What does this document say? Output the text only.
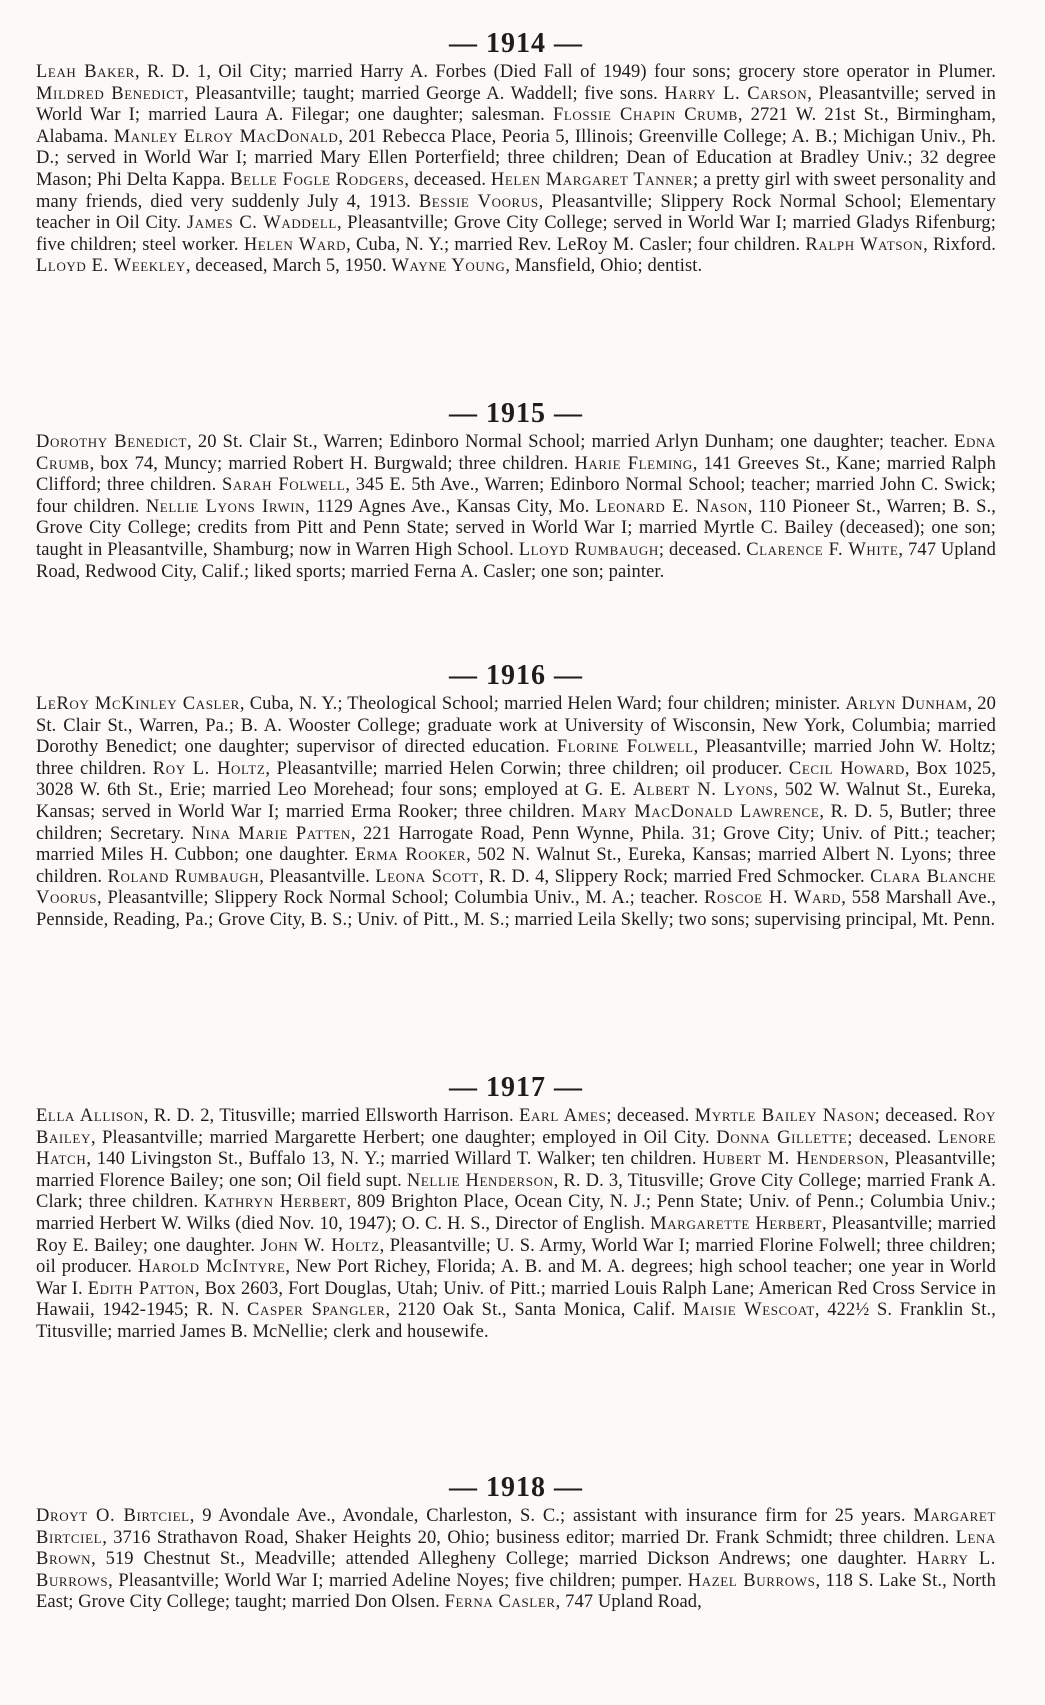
— 1914 —

Leah Baker, R. D. 1, Oil City; married Harry A. Forbes (Died Fall of 1949) four sons; grocery store operator in Plumer. Mildred Benedict, Pleasantville; taught; married George A. Waddell; five sons. Harry L. Carson, Pleasantville; served in World War I; married Laura A. Filegar; one daughter; salesman. Flossie Chapin Crumb, 2721 W. 21st St., Birmingham, Alabama. Manley Elroy MacDonald, 201 Rebecca Place, Peoria 5, Illinois; Greenville College; A. B.; Michigan Univ., Ph. D.; served in World War I; married Mary Ellen Porterfield; three children; Dean of Education at Bradley Univ.; 32 degree Mason; Phi Delta Kappa. Belle Fogle Rodgers, deceased. Helen Margaret Tanner; a pretty girl with sweet personality and many friends, died very suddenly July 4, 1913. Bessie Voorus, Pleasantville; Slippery Rock Normal School; Elementary teacher in Oil City. James C. Waddell, Pleasantville; Grove City College; served in World War I; married Gladys Rifenburg; five children; steel worker. Helen Ward, Cuba, N. Y.; married Rev. LeRoy M. Casler; four children. Ralph Watson, Rixford. Lloyd E. Weekley, deceased, March 5, 1950. Wayne Young, Mansfield, Ohio; dentist.

— 1915 —

Dorothy Benedict, 20 St. Clair St., Warren; Edinboro Normal School; married Arlyn Dunham; one daughter; teacher. Edna Crumb, box 74, Muncy; married Robert H. Burgwald; three children. Harie Fleming, 141 Greeves St., Kane; married Ralph Clifford; three children. Sarah Folwell, 345 E. 5th Ave., Warren; Edinboro Normal School; teacher; married John C. Swick; four children. Nellie Lyons Irwin, 1129 Agnes Ave., Kansas City, Mo. Leonard E. Nason, 110 Pioneer St., Warren; B. S., Grove City College; credits from Pitt and Penn State; served in World War I; married Myrtle C. Bailey (deceased); one son; taught in Pleasantville, Shamburg; now in Warren High School. Lloyd Rumbaugh; deceased. Clarence F. White, 747 Upland Road, Redwood City, Calif.; liked sports; married Ferna A. Casler; one son; painter.

— 1916 —

LeRoy McKinley Casler, Cuba, N. Y.; Theological School; married Helen Ward; four children; minister. Arlyn Dunham, 20 St. Clair St., Warren, Pa.; B. A. Wooster College; graduate work at University of Wisconsin, New York, Columbia; married Dorothy Benedict; one daughter; supervisor of directed education. Florine Folwell, Pleasantville; married John W. Holtz; three children. Roy L. Holtz, Pleasantville; married Helen Corwin; three children; oil producer. Cecil Howard, Box 1025, 3028 W. 6th St., Erie; married Leo Morehead; four sons; employed at G. E. Albert N. Lyons, 502 W. Walnut St., Eureka, Kansas; served in World War I; married Erma Rooker; three children. Mary MacDonald Lawrence, R. D. 5, Butler; three children; Secretary. Nina Marie Patten, 221 Harrogate Road, Penn Wynne, Phila. 31; Grove City; Univ. of Pitt.; teacher; married Miles H. Cubbon; one daughter. Erma Rooker, 502 N. Walnut St., Eureka, Kansas; married Albert N. Lyons; three children. Roland Rumbaugh, Pleasantville. Leona Scott, R. D. 4, Slippery Rock; married Fred Schmocker. Clara Blanche Voorus, Pleasantville; Slippery Rock Normal School; Columbia Univ., M. A.; teacher. Roscoe H. Ward, 558 Marshall Ave., Pennside, Reading, Pa.; Grove City, B. S.; Univ. of Pitt., M. S.; married Leila Skelly; two sons; supervising principal, Mt. Penn.

— 1917 —

Ella Allison, R. D. 2, Titusville; married Ellsworth Harrison. Earl Ames; deceased. Myrtle Bailey Nason; deceased. Roy Bailey, Pleasantville; married Margarette Herbert; one daughter; employed in Oil City. Donna Gillette; deceased. Lenore Hatch, 140 Livingston St., Buffalo 13, N. Y.; married Willard T. Walker; ten children. Hubert M. Henderson, Pleasantville; married Florence Bailey; one son; Oil field supt. Nellie Henderson, R. D. 3, Titusville; Grove City College; married Frank A. Clark; three children. Kathryn Herbert, 809 Brighton Place, Ocean City, N. J.; Penn State; Univ. of Penn.; Columbia Univ.; married Herbert W. Wilks (died Nov. 10, 1947); O. C. H. S., Director of English. Margarette Herbert, Pleasantville; married Roy E. Bailey; one daughter. John W. Holtz, Pleasantville; U. S. Army, World War I; married Florine Folwell; three children; oil producer. Harold McIntyre, New Port Richey, Florida; A. B. and M. A. degrees; high school teacher; one year in World War I. Edith Patton, Box 2603, Fort Douglas, Utah; Univ. of Pitt.; married Louis Ralph Lane; American Red Cross Service in Hawaii, 1942-1945; R. N. Casper Spangler, 2120 Oak St., Santa Monica, Calif. Maisie Wescoat, 422½ S. Franklin St., Titusville; married James B. McNellie; clerk and housewife.

— 1918 —

Droyt O. Birtciel, 9 Avondale Ave., Avondale, Charleston, S. C.; assistant with insurance firm for 25 years. Margaret Birtciel, 3716 Strathavon Road, Shaker Heights 20, Ohio; business editor; married Dr. Frank Schmidt; three children. Lena Brown, 519 Chestnut St., Meadville; attended Allegheny College; married Dickson Andrews; one daughter. Harry L. Burrows, Pleasantville; World War I; married Adeline Noyes; five children; pumper. Hazel Burrows, 118 S. Lake St., North East; Grove City College; taught; married Don Olsen. Ferna Casler, 747 Upland Road,
